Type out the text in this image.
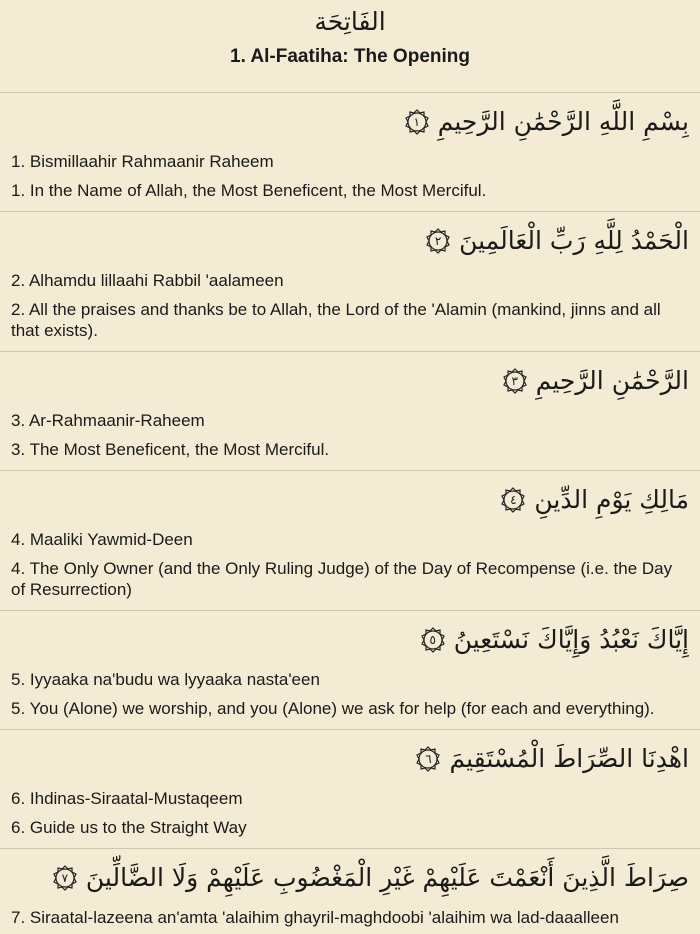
الفَاتِحَة
1. Al-Faatiha: The Opening
بِسْمِ اللَّهِ الرَّحْمَٰنِ الرَّحِيمِ
١
1. Bismillaahir Rahmaanir Raheem
1. In the Name of Allah, the Most Beneficent, the Most Merciful.
الْحَمْدُ لِلَّهِ رَبِّ الْعَالَمِينَ
٢
2. Alhamdu lillaahi Rabbil 'aalameen
2. All the praises and thanks be to Allah, the Lord of the 'Alamin (mankind, jinns and all that exists).
الرَّحْمَٰنِ الرَّحِيمِ
٣
3. Ar-Rahmaanir-Raheem
3. The Most Beneficent, the Most Merciful.
مَالِكِ يَوْمِ الدِّينِ
٤
4. Maaliki Yawmid-Deen
4. The Only Owner (and the Only Ruling Judge) of the Day of Recompense (i.e. the Day of Resurrection)
إِيَّاكَ نَعْبُدُ وَإِيَّاكَ نَسْتَعِينُ
٥
5. Iyyaaka na'budu wa lyyaaka nasta'een
5. You (Alone) we worship, and you (Alone) we ask for help (for each and everything).
اهْدِنَا الصِّرَاطَ الْمُسْتَقِيمَ
٦
6. Ihdinas-Siraatal-Mustaqeem
6. Guide us to the Straight Way
صِرَاطَ الَّذِينَ أَنْعَمْتَ عَلَيْهِمْ غَيْرِ الْمَغْضُوبِ عَلَيْهِمْ وَلَا الضَّالِّينَ
٧
7. Siraatal-lazeena an'amta 'alaihim ghayril-maghdoobi 'alaihim wa lad-daaalleen
